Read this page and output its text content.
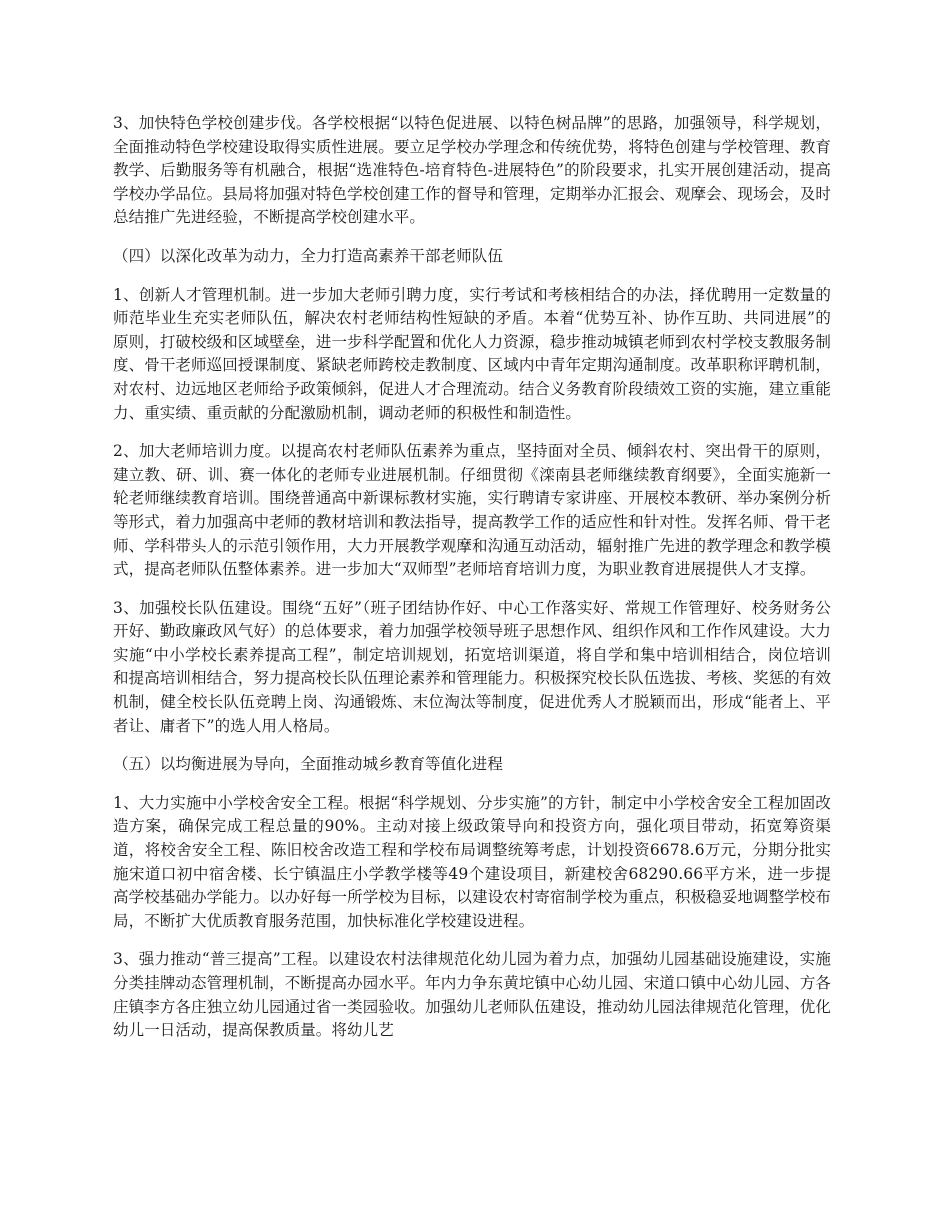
3、加快特色学校创建步伐。各学校根据“以特色促进展、以特色树品牌”的思路，加强领导，科学规划，全面推动特色学校建设取得实质性进展。要立足学校办学理念和传统优势，将特色创建与学校管理、教育教学、后勤服务等有机融合，根据“选准特色-培育特色-进展特色”的阶段要求，扎实开展创建活动，提高学校办学品位。县局将加强对特色学校创建工作的督导和管理，定期举办汇报会、观摩会、现场会，及时总结推广先进经验，不断提高学校创建水平。

（四）以深化改革为动力，全力打造高素养干部老师队伍

1、创新人才管理机制。进一步加大老师引聘力度，实行考试和考核相结合的办法，择优聘用一定数量的师范毕业生充实老师队伍，解决农村老师结构性短缺的矛盾。本着“优势互补、协作互助、共同进展”的原则，打破校级和区域壁垒，进一步科学配置和优化人力资源，稳步推动城镇老师到农村学校支教服务制度、骨干老师巡回授课制度、紧缺老师跨校走教制度、区域内中青年定期沟通制度。改革职称评聘机制，对农村、边远地区老师给予政策倾斜，促进人才合理流动。结合义务教育阶段绩效工资的实施，建立重能力、重实绩、重贡献的分配激励机制，调动老师的积极性和制造性。

2、加大老师培训力度。以提高农村老师队伍素养为重点，坚持面对全员、倾斜农村、突出骨干的原则，建立教、研、训、赛一体化的老师专业进展机制。仔细贯彻《滦南县老师继续教育纲要》，全面实施新一轮老师继续教育培训。围绕普通高中新课标教材实施，实行聘请专家讲座、开展校本教研、举办案例分析等形式，着力加强高中老师的教材培训和教法指导，提高教学工作的适应性和针对性。发挥名师、骨干老师、学科带头人的示范引领作用，大力开展教学观摩和沟通互动活动，辐射推广先进的教学理念和教学模式，提高老师队伍整体素养。进一步加大“双师型”老师培育培训力度，为职业教育进展提供人才支撑。

3、加强校长队伍建设。围绕“五好”（班子团结协作好、中心工作落实好、常规工作管理好、校务财务公开好、勤政廉政风气好）的总体要求，着力加强学校领导班子思想作风、组织作风和工作作风建设。大力实施“中小学校长素养提高工程”，制定培训规划，拓宽培训渠道，将自学和集中培训相结合，岗位培训和提高培训相结合，努力提高校长队伍理论素养和管理能力。积极探究校长队伍选拔、考核、奖惩的有效机制，健全校长队伍竞聘上岗、沟通锻炼、末位淘汰等制度，促进优秀人才脱颖而出，形成“能者上、平者让、庸者下”的选人用人格局。

（五）以均衡进展为导向，全面推动城乡教育等值化进程

1、大力实施中小学校舍安全工程。根据“科学规划、分步实施”的方针，制定中小学校舍安全工程加固改造方案，确保完成工程总量的90%。主动对接上级政策导向和投资方向，强化项目带动，拓宽筹资渠道，将校舍安全工程、陈旧校舍改造工程和学校布局调整统筹考虑，计划投资6678.6万元，分期分批实施宋道口初中宿舍楼、长宁镇温庄小学教学楼等49个建设项目，新建校舍68290.66平方米，进一步提高学校基础办学能力。以办好每一所学校为目标，以建设农村寄宿制学校为重点，积极稳妥地调整学校布局，不断扩大优质教育服务范围，加快标准化学校建设进程。

3、强力推动“普三提高”工程。以建设农村法律规范化幼儿园为着力点，加强幼儿园基础设施建设，实施分类挂牌动态管理机制，不断提高办园水平。年内力争东黄坨镇中心幼儿园、宋道口镇中心幼儿园、方各庄镇李方各庄独立幼儿园通过省一类园验收。加强幼儿老师队伍建设，推动幼儿园法律规范化管理，优化幼儿一日活动，提高保教质量。将幼儿艺
